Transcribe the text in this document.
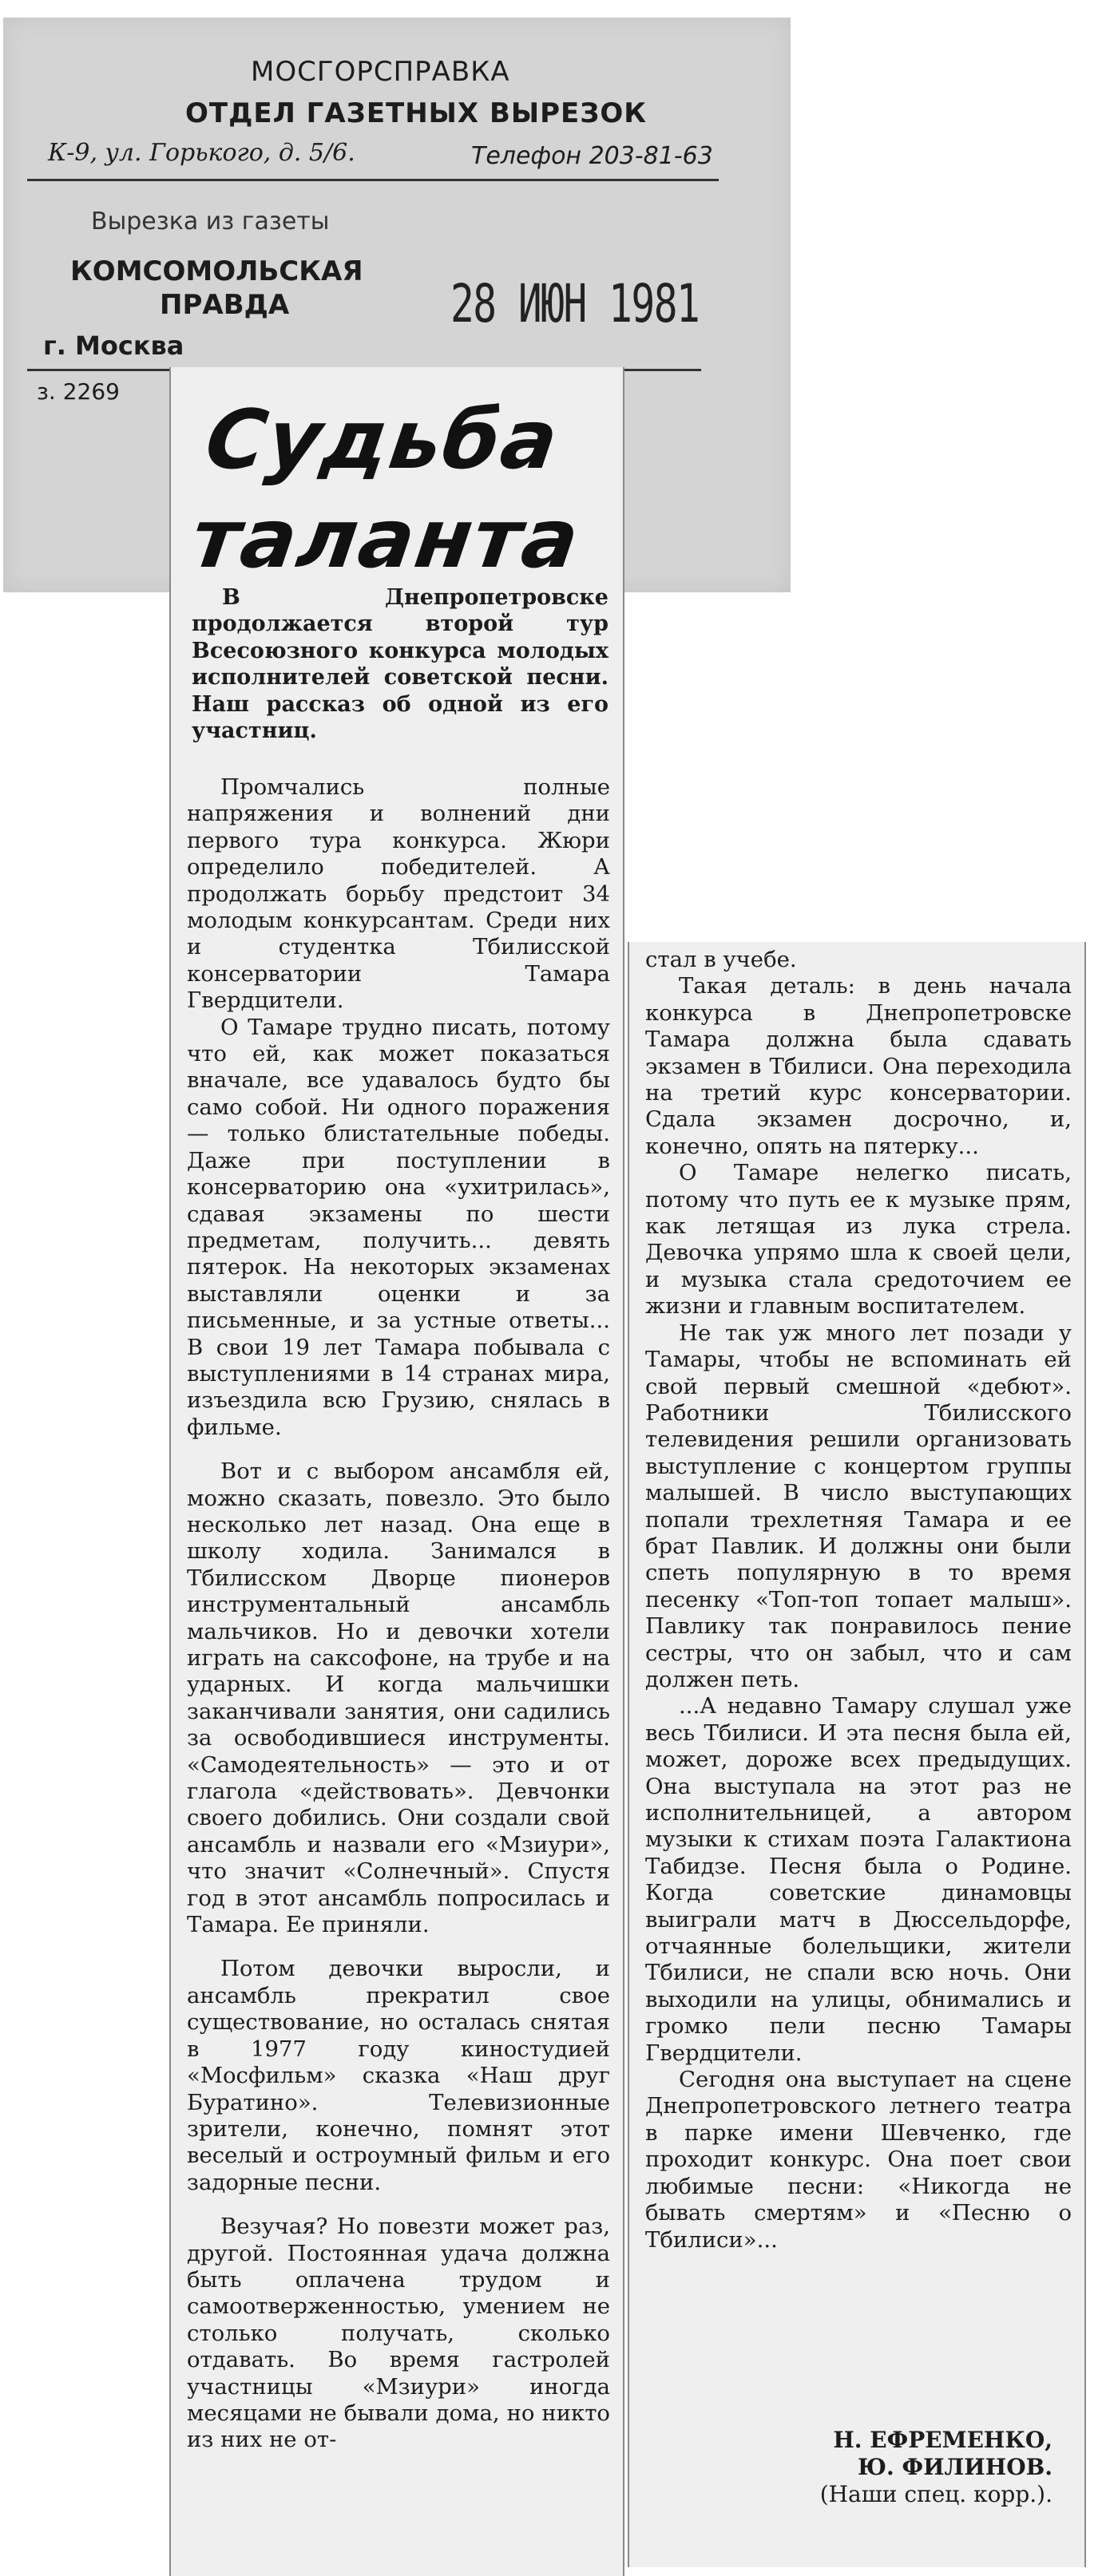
МОСГОРСПРАВКА
ОТДЕЛ ГАЗЕТНЫХ ВЫРЕЗОК
К-9, ул. Горького, д. 5/6.	Телефон 203-81-63
Вырезка из газеты
КОМСОМОЛЬСКАЯ
ПРАВДА	28 ИЮН 1981
г. Москва
з. 2269
Судьба
таланта

В Днепропетровске продолжается второй тур Всесоюзного конкурса молодых исполнителей советской песни. Наш рассказ об одной из его участниц.

Промчались полные напряжения и волнений дни первого тура конкурса. Жюри определило победителей. А продолжать борьбу предстоит 34 молодым конкурсантам. Среди них и студентка Тбилисской консерватории Тамара Гвердцители.

О Тамаре трудно писать, потому что ей, как может показаться вначале, все удавалось будто бы само собой. Ни одного поражения — только блистательные победы. Даже при поступлении в консерваторию она «ухитрилась», сдавая экзамены по шести предметам, получить... девять пятерок. На некоторых экзаменах выставляли оценки и за письменные, и за устные ответы... В свои 19 лет Тамара побывала с выступлениями в 14 странах мира, изъездила всю Грузию, снялась в фильме.

Вот и с выбором ансамбля ей, можно сказать, повезло. Это было несколько лет назад. Она еще в школу ходила. Занимался в Тбилисском Дворце пионеров инструментальный ансамбль мальчиков. Но и девочки хотели играть на саксофоне, на трубе и на ударных. И когда мальчишки заканчивали занятия, они садились за освободившиеся инструменты. «Самодеятельность» — это и от глагола «действовать». Девчонки своего добились. Они создали свой ансамбль и назвали его «Мзиури», что значит «Солнечный». Спустя год в этот ансамбль попросилась и Тамара. Ее приняли.

Потом девочки выросли, и ансамбль прекратил свое существование, но осталась снятая в 1977 году киностудией «Мосфильм» сказка «Наш друг Буратино». Телевизионные зрители, конечно, помнят этот веселый и остроумный фильм и его задорные песни.

Везучая? Но повезти может раз, другой. Постоянная удача должна быть оплачена трудом и самоотверженностью, умением не столько получать, сколько отдавать. Во время гастролей участницы «Мзиури» иногда месяцами не бывали дома, но никто из них не от-

стал в учебе.

Такая деталь: в день начала конкурса в Днепропетровске Тамара должна была сдавать экзамен в Тбилиси. Она переходила на третий курс консерватории. Сдала экзамен досрочно, и, конечно, опять на пятерку...

О Тамаре нелегко писать, потому что путь ее к музыке прям, как летящая из лука стрела. Девочка упрямо шла к своей цели, и музыка стала средоточием ее жизни и главным воспитателем.

Не так уж много лет позади у Тамары, чтобы не вспоминать ей свой первый смешной «дебют». Работники Тбилисского телевидения решили организовать выступление с концертом группы малышей. В число выступающих попали трехлетняя Тамара и ее брат Павлик. И должны они были спеть популярную в то время песенку «Топ-топ топает малыш». Павлику так понравилось пение сестры, что он забыл, что и сам должен петь.

...А недавно Тамару слушал уже весь Тбилиси. И эта песня была ей, может, дороже всех предыдущих. Она выступала на этот раз не исполнительницей, а автором музыки к стихам поэта Галактиона Табидзе. Песня была о Родине. Когда советские динамовцы выиграли матч в Дюссельдорфе, отчаянные болельщики, жители Тбилиси, не спали всю ночь. Они выходили на улицы, обнимались и громко пели песню Тамары Гвердцители.

Сегодня она выступает на сцене Днепропетровского летнего театра в парке имени Шевченко, где проходит конкурс. Она поет свои любимые песни: «Никогда не бывать смертям» и «Песню о Тбилиси»...

Н. ЕФРЕМЕНКО,
Ю. ФИЛИНОВ.
(Наши спец. корр.).
